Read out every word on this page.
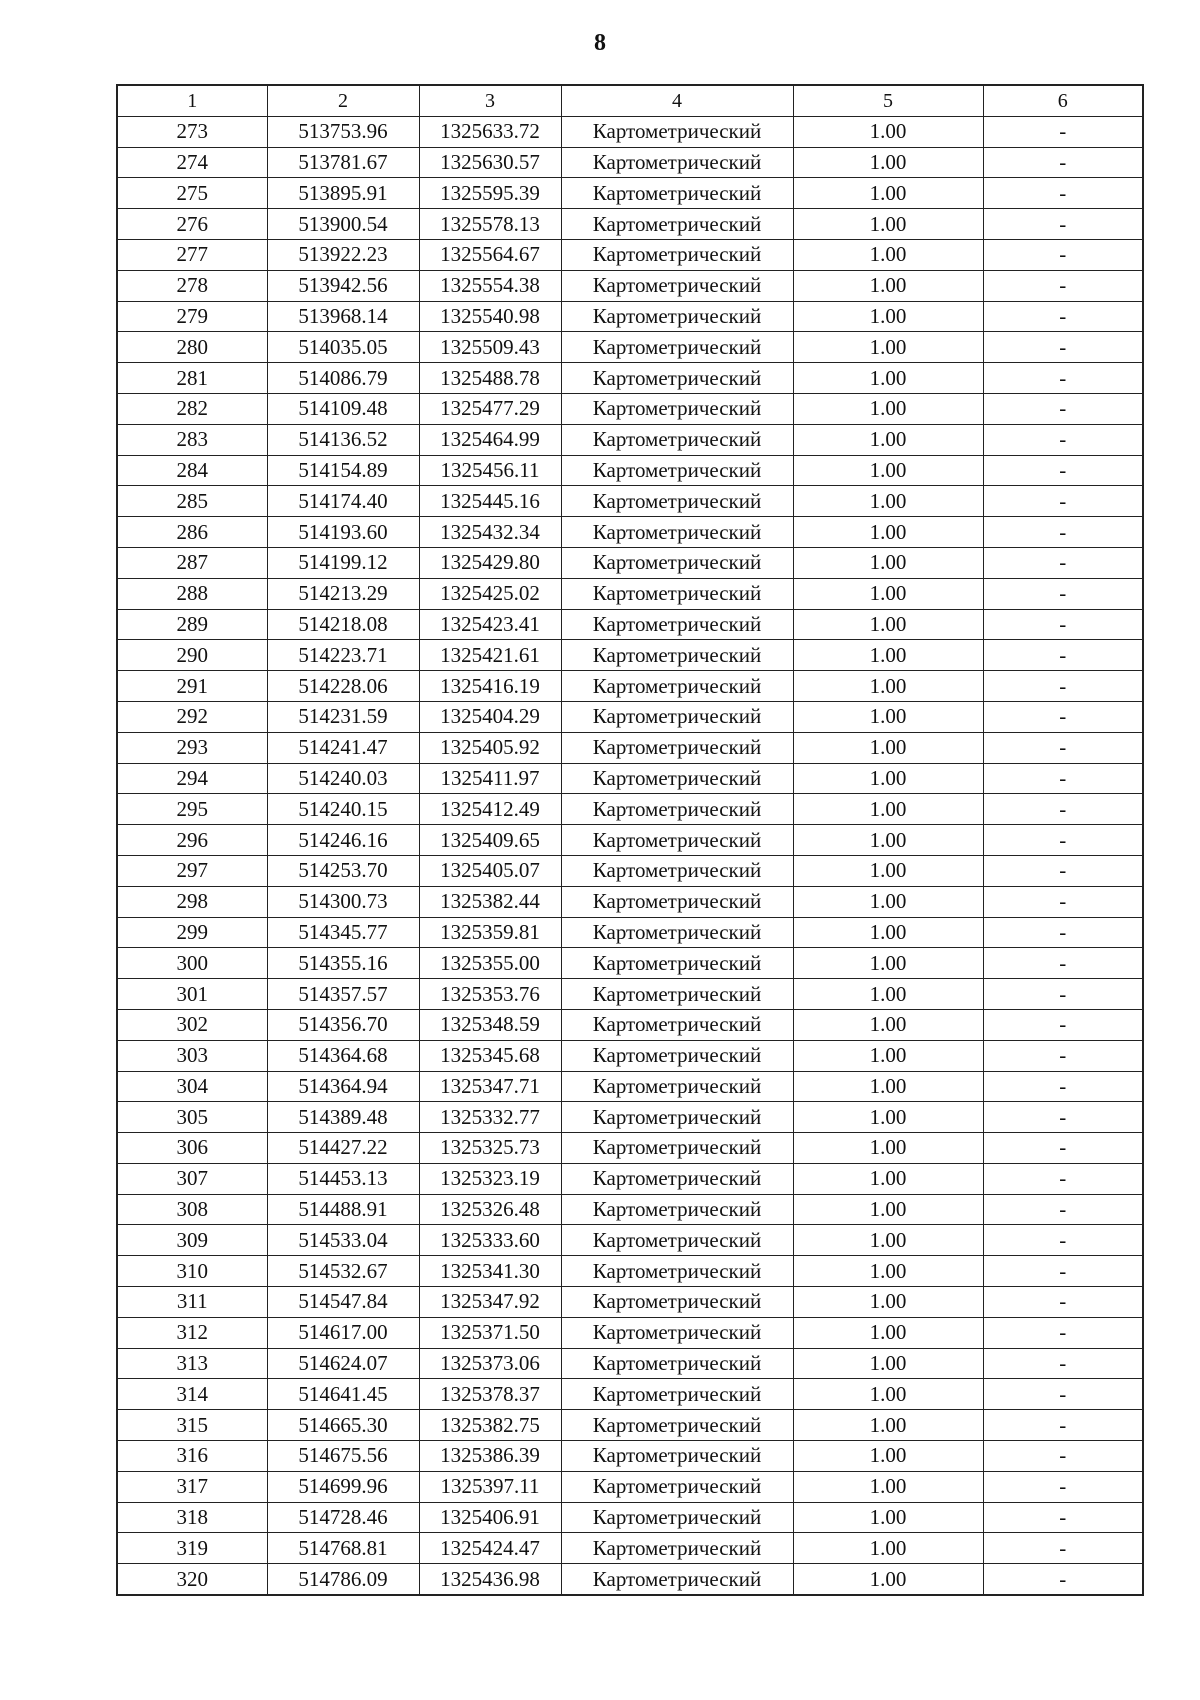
8
1	2	3	4	5	6
273	513753.96	1325633.72	Картометрический	1.00	-
274	513781.67	1325630.57	Картометрический	1.00	-
275	513895.91	1325595.39	Картометрический	1.00	-
276	513900.54	1325578.13	Картометрический	1.00	-
277	513922.23	1325564.67	Картометрический	1.00	-
278	513942.56	1325554.38	Картометрический	1.00	-
279	513968.14	1325540.98	Картометрический	1.00	-
280	514035.05	1325509.43	Картометрический	1.00	-
281	514086.79	1325488.78	Картометрический	1.00	-
282	514109.48	1325477.29	Картометрический	1.00	-
283	514136.52	1325464.99	Картометрический	1.00	-
284	514154.89	1325456.11	Картометрический	1.00	-
285	514174.40	1325445.16	Картометрический	1.00	-
286	514193.60	1325432.34	Картометрический	1.00	-
287	514199.12	1325429.80	Картометрический	1.00	-
288	514213.29	1325425.02	Картометрический	1.00	-
289	514218.08	1325423.41	Картометрический	1.00	-
290	514223.71	1325421.61	Картометрический	1.00	-
291	514228.06	1325416.19	Картометрический	1.00	-
292	514231.59	1325404.29	Картометрический	1.00	-
293	514241.47	1325405.92	Картометрический	1.00	-
294	514240.03	1325411.97	Картометрический	1.00	-
295	514240.15	1325412.49	Картометрический	1.00	-
296	514246.16	1325409.65	Картометрический	1.00	-
297	514253.70	1325405.07	Картометрический	1.00	-
298	514300.73	1325382.44	Картометрический	1.00	-
299	514345.77	1325359.81	Картометрический	1.00	-
300	514355.16	1325355.00	Картометрический	1.00	-
301	514357.57	1325353.76	Картометрический	1.00	-
302	514356.70	1325348.59	Картометрический	1.00	-
303	514364.68	1325345.68	Картометрический	1.00	-
304	514364.94	1325347.71	Картометрический	1.00	-
305	514389.48	1325332.77	Картометрический	1.00	-
306	514427.22	1325325.73	Картометрический	1.00	-
307	514453.13	1325323.19	Картометрический	1.00	-
308	514488.91	1325326.48	Картометрический	1.00	-
309	514533.04	1325333.60	Картометрический	1.00	-
310	514532.67	1325341.30	Картометрический	1.00	-
311	514547.84	1325347.92	Картометрический	1.00	-
312	514617.00	1325371.50	Картометрический	1.00	-
313	514624.07	1325373.06	Картометрический	1.00	-
314	514641.45	1325378.37	Картометрический	1.00	-
315	514665.30	1325382.75	Картометрический	1.00	-
316	514675.56	1325386.39	Картометрический	1.00	-
317	514699.96	1325397.11	Картометрический	1.00	-
318	514728.46	1325406.91	Картометрический	1.00	-
319	514768.81	1325424.47	Картометрический	1.00	-
320	514786.09	1325436.98	Картометрический	1.00	-
